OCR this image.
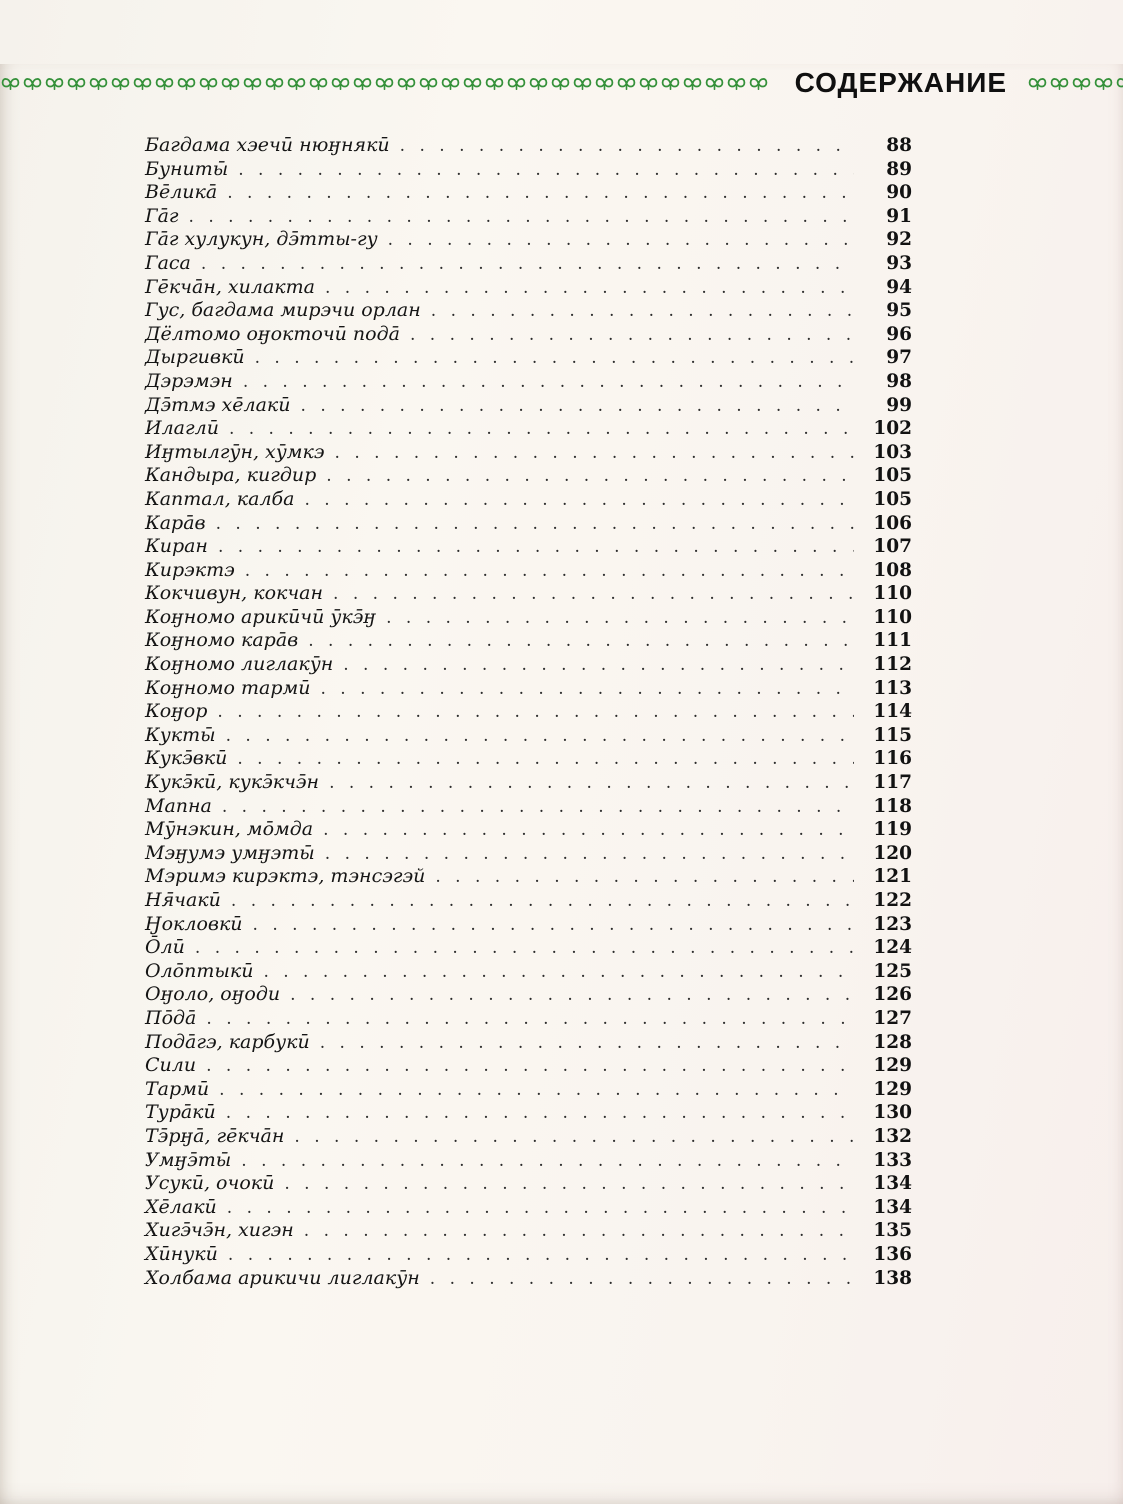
СОДЕРЖАНИЕ
Багдама хэечӣ нюӈнякӣ . . .	88
Буниты̄ . . .	89
Ве̄лика̄ . . .	90
Га̄г . . .	91
Га̄г хулукун, дэ̄тты-гу . . .	92
Гаса . . .	93
Ге̄кча̄н, хилакта . . .	94
Гус, багдама мирэчи орлан . . .	95
Дёлтомо оӈокточӣ пода̄ . . .	96
Дыргивкӣ . . .	97
Дэрэмэн . . .	98
Дэ̄тмэ хе̄лакӣ . . .	99
Илаглӣ . . .	102
Иӈтылгӯн, хӯмкэ . . .	103
Кандыра, кигдир . . .	105
Каптал, калба . . .	105
Кара̄в . . .	106
Киран . . .	107
Кирэктэ . . .	108
Кокчивун, кокчан . . .	110
Коӈномо арикӣчӣ ӯкэ̄ӈ . . .	110
Коӈномо кара̄в . . .	111
Коӈномо лиглакӯн . . .	112
Коӈномо тармӣ . . .	113
Коӈор . . .	114
Кукты̄ . . .	115
Кукэ̄вкӣ . . .	116
Кукэ̄кӣ, кукэ̄кчэ̄н . . .	117
Мапна . . .	118
Мӯнэкин, мо̄мда . . .	119
Мэӈумэ умӈэты̄ . . .	120
Мэримэ кирэктэ, тэнсэгэй . . .	121
Ня̄чакӣ . . .	122
Ӈокловкӣ . . .	123
О̄лӣ . . .	124
Оло̄птыкӣ . . .	125
Оӈоло, оӈоди . . .	126
По̄да̄ . . .	127
Пода̄гэ, карбукӣ . . .	128
Сили . . .	129
Тармӣ . . .	129
Тура̄кӣ . . .	130
Тэ̄рӈа̄, ге̄кча̄н . . .	132
Умӈэ̄ты̄ . . .	133
Усукӣ, очокӣ . . .	134
Хе̄лакӣ . . .	134
Хигэ̄чэ̄н, хигэн . . .	135
Хӣнукӣ . . .	136
Холбама арикичи лиглакӯн . . .	138
